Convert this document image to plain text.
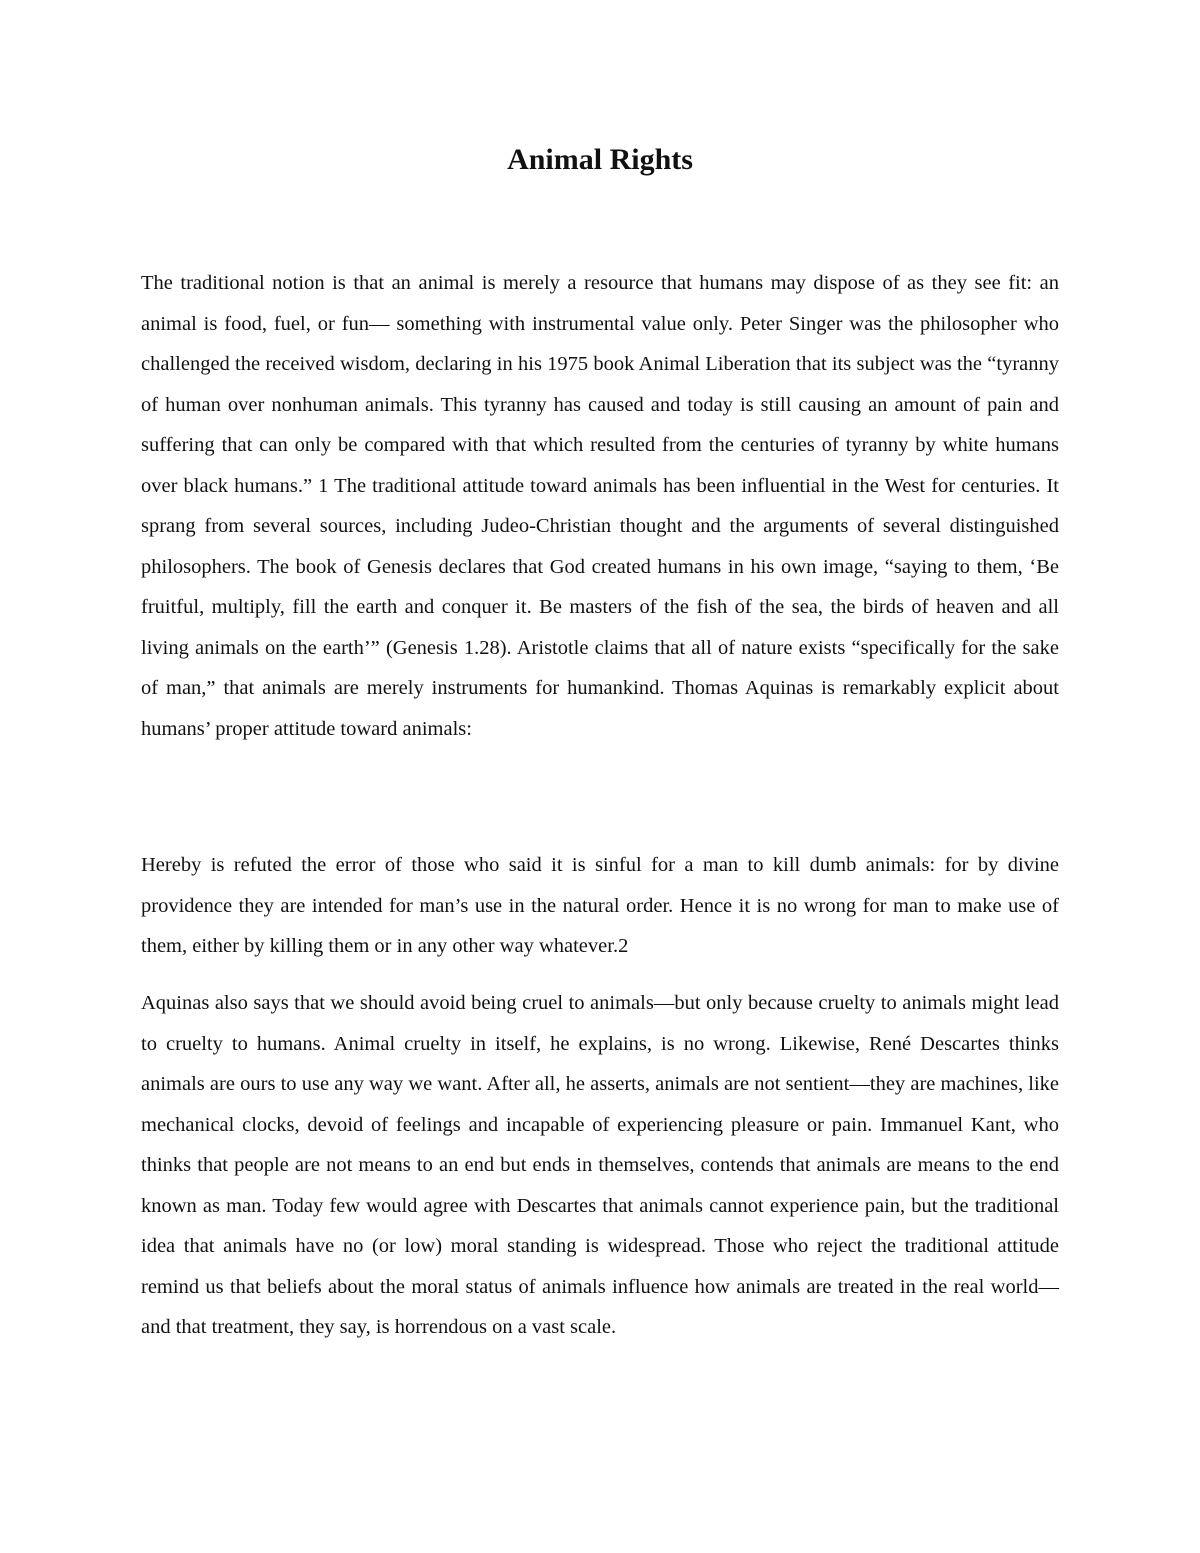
Animal Rights

The traditional notion is that an animal is merely a resource that humans may dispose of as they see fit: an animal is food, fuel, or fun— something with instrumental value only. Peter Singer was the philosopher who challenged the received wisdom, declaring in his 1975 book Animal Liberation that its subject was the “tyranny of human over nonhuman animals. This tyranny has caused and today is still causing an amount of pain and suffering that can only be compared with that which resulted from the centuries of tyranny by white humans over black humans.” 1 The traditional attitude toward animals has been influential in the West for centuries. It sprang from several sources, including Judeo-Christian thought and the arguments of several distinguished philosophers. The book of Genesis declares that God created humans in his own image, “saying to them, ‘Be fruitful, multiply, fill the earth and conquer it. Be masters of the fish of the sea, the birds of heaven and all living animals on the earth’” (Genesis 1.28). Aristotle claims that all of nature exists “specifically for the sake of man,” that animals are merely instruments for humankind. Thomas Aquinas is remarkably explicit about humans’ proper attitude toward animals:

Hereby is refuted the error of those who said it is sinful for a man to kill dumb animals: for by divine providence they are intended for man’s use in the natural order. Hence it is no wrong for man to make use of them, either by killing them or in any other way whatever.2

Aquinas also says that we should avoid being cruel to animals—but only because cruelty to animals might lead to cruelty to humans. Animal cruelty in itself, he explains, is no wrong. Likewise, René Descartes thinks animals are ours to use any way we want. After all, he asserts, animals are not sentient—they are machines, like mechanical clocks, devoid of feelings and incapable of experiencing pleasure or pain. Immanuel Kant, who thinks that people are not means to an end but ends in themselves, contends that animals are means to the end known as man. Today few would agree with Descartes that animals cannot experience pain, but the traditional idea that animals have no (or low) moral standing is widespread. Those who reject the traditional attitude remind us that beliefs about the moral status of animals influence how animals are treated in the real world—and that treatment, they say, is horrendous on a vast scale.
